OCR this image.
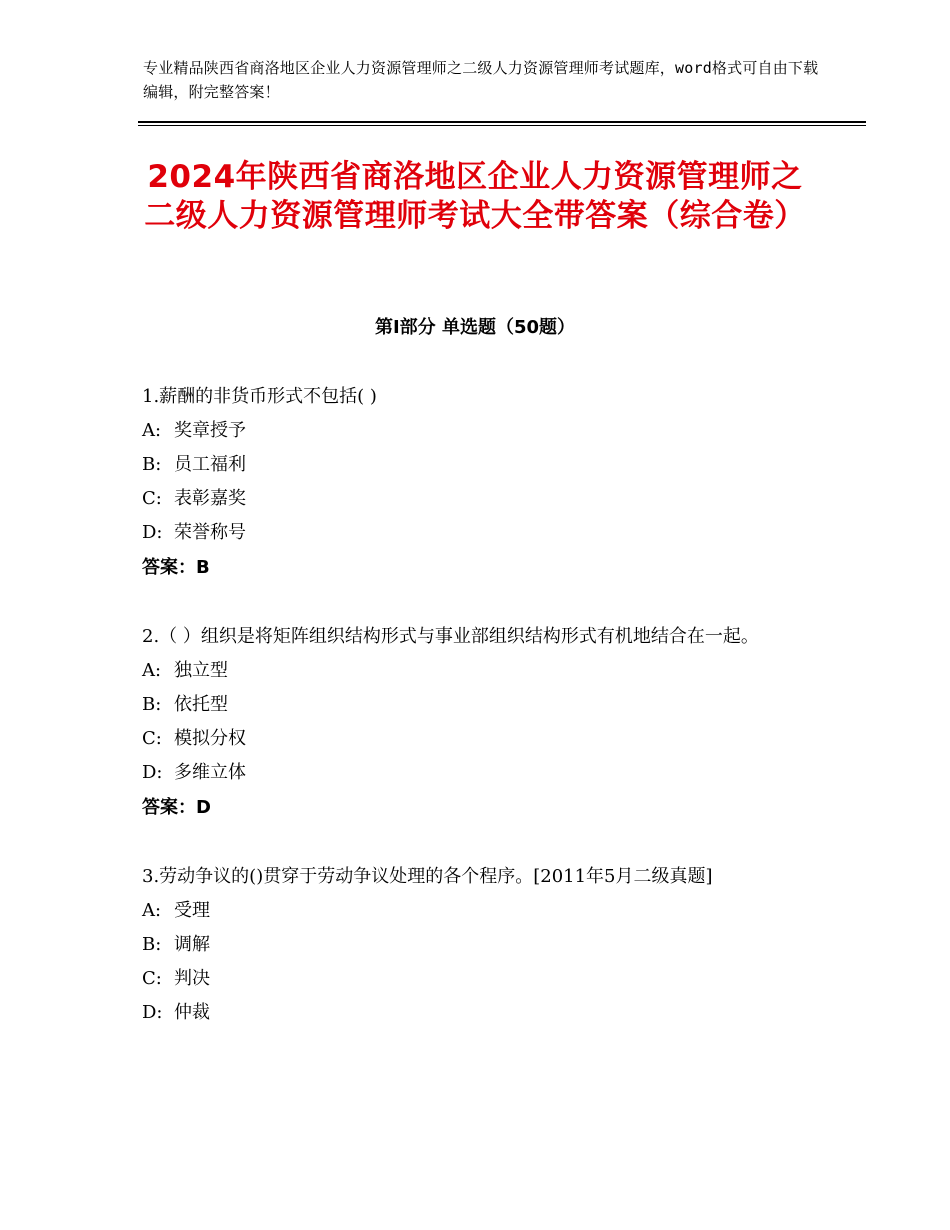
专业精品陕西省商洛地区企业人力资源管理师之二级人力资源管理师考试题库，word格式可自由下载编辑，附完整答案！
2024年陕西省商洛地区企业人力资源管理师之二级人力资源管理师考试大全带答案（综合卷）
第Ⅰ部分 单选题（50题）

1.薪酬的非货币形式不包括( )

A: 奖章授予
B: 员工福利
C: 表彰嘉奖
D: 荣誉称号
答案：B

2.（ ）组织是将矩阵组织结构形式与事业部组织结构形式有机地结合在一起。

A: 独立型
B: 依托型
C: 模拟分权
D: 多维立体
答案：D

3.劳动争议的()贯穿于劳动争议处理的各个程序。[2011年5月二级真题]

A: 受理
B: 调解
C: 判决
D: 仲裁
